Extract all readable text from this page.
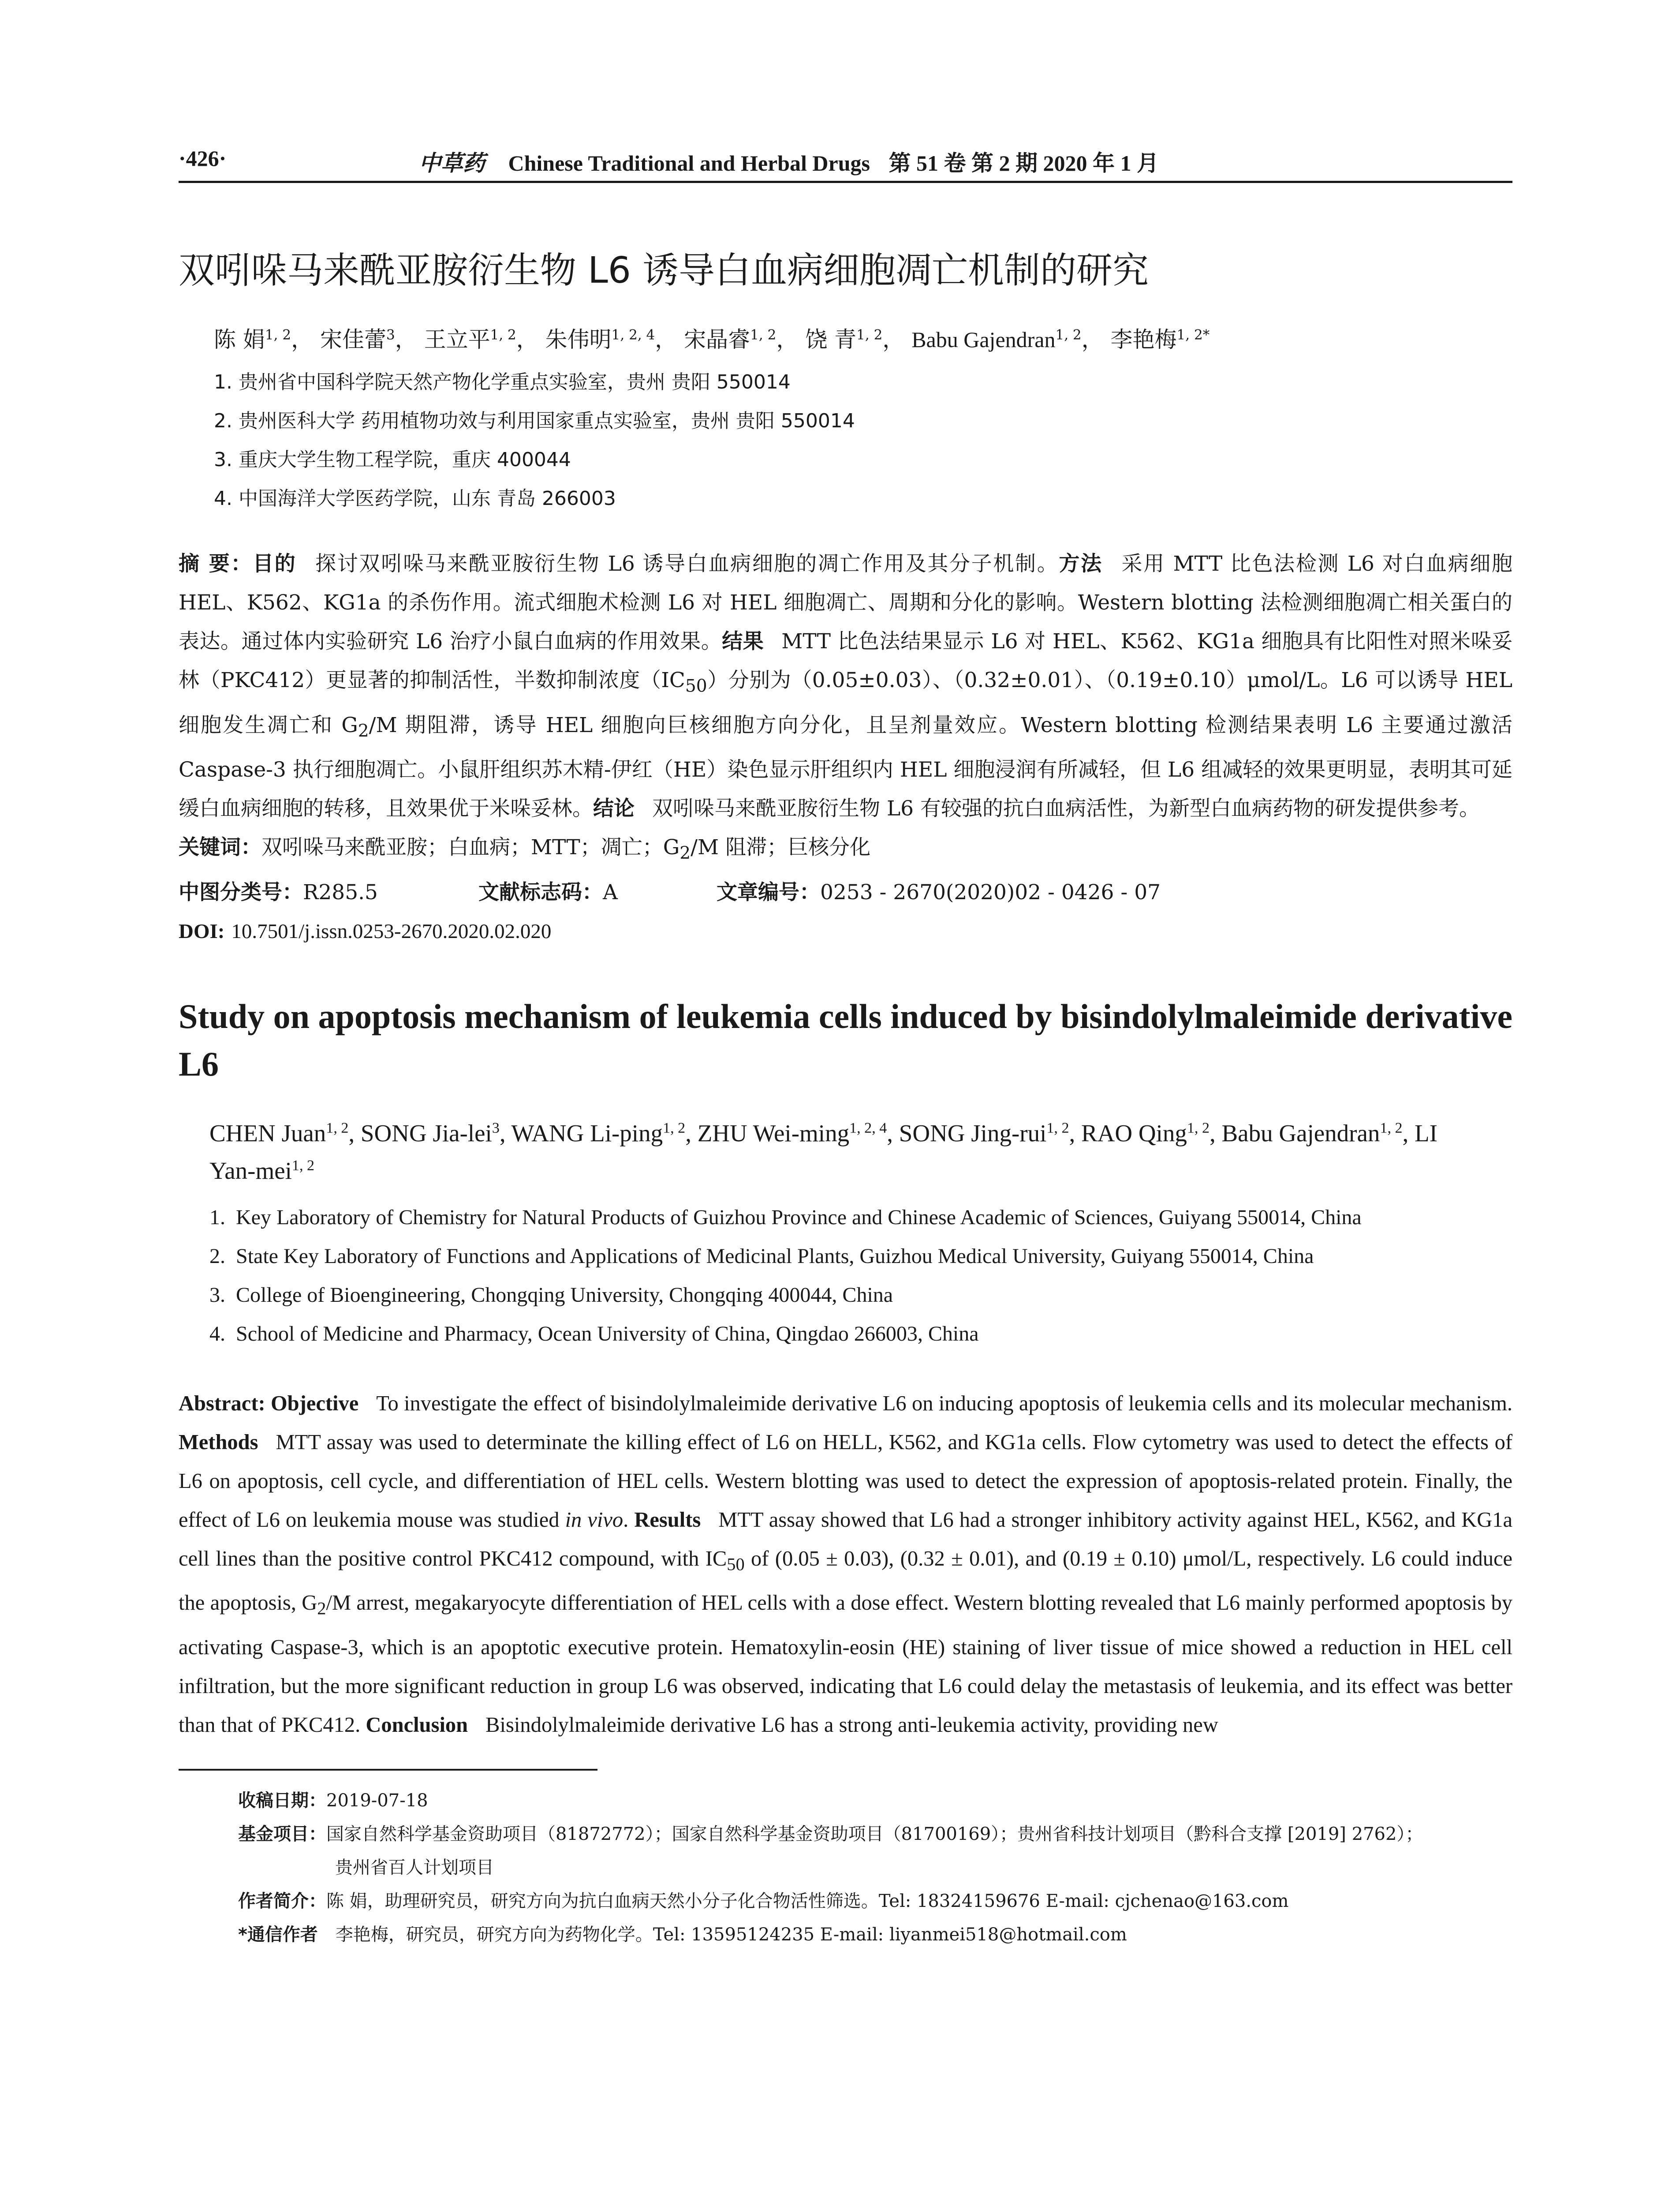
·426·	中草药 Chinese Traditional and Herbal Drugs 第 51 卷 第 2 期 2020 年 1 月
双吲哚马来酰亚胺衍生物 L6 诱导白血病细胞凋亡机制的研究
陈 娟$^{1, 2}$， 宋佳蕾$^3$， 王立平$^{1, 2}$， 朱伟明$^{1, 2, 4}$， 宋晶睿$^{1, 2}$， 饶 青$^{1, 2}$， Babu Gajendran$^{1, 2}$， 李艳梅$^{1, 2*}$
1. 贵州省中国科学院天然产物化学重点实验室，贵州 贵阳 550014
2. 贵州医科大学 药用植物功效与利用国家重点实验室，贵州 贵阳 550014
3. 重庆大学生物工程学院，重庆 400044
4. 中国海洋大学医药学院，山东 青岛 266003
摘 要：目的 探讨双吲哚马来酰亚胺衍生物 L6 诱导白血病细胞的凋亡作用及其分子机制。方法 采用 MTT 比色法检测 L6 对白血病细胞 HEL、K562、KG1a 的杀伤作用。流式细胞术检测 L6 对 HEL 细胞凋亡、周期和分化的影响。Western blotting 法检测细胞凋亡相关蛋白的表达。通过体内实验研究 L6 治疗小鼠白血病的作用效果。结果 MTT 比色法结果显示 L6 对 HEL、K562、KG1a 细胞具有比阳性对照米哚妥林（PKC412）更显著的抑制活性，半数抑制浓度$(IC_{50})$分别为（0.05±0.03）、（0.32±0.01）、（0.19±0.10）μmol/L。L6 可以诱导 HEL 细胞发生凋亡和 $G_2/M$ 期阻滞，诱导 HEL 细胞向巨核细胞方向分化，且呈剂量效应。Western blotting 检测结果表明 L6 主要通过激活 Caspase-3 执行细胞凋亡。小鼠肝组织苏木精-伊红（HE）染色显示肝组织内 HEL 细胞浸润有所减轻，但 L6 组减轻的效果更明显，表明其可延缓白血病细胞的转移，且效果优于米哚妥林。结论 双吲哚马来酰亚胺衍生物 L6 有较强的抗白血病活性，为新型白血病药物的研发提供参考。
关键词：双吲哚马来酰亚胺；白血病；MTT；凋亡；$G_2/M$ 阻滞；巨核分化
中图分类号：R285.5	文献标志码：A	文章编号：0253 - 2670(2020)02 - 0426 - 07
DOI: 10.7501/j.issn.0253-2670.2020.02.020
Study on apoptosis mechanism of leukemia cells induced by bisindolylmaleimide derivative L6
CHEN Juan$^{1, 2}$, SONG Jia-lei$^3$, WANG Li-ping$^{1, 2}$, ZHU Wei-ming$^{1, 2, 4}$, SONG Jing-rui$^{1, 2}$, RAO Qing$^{1, 2}$, Babu Gajendran$^{1, 2}$, LI Yan-mei$^{1, 2}$
1. Key Laboratory of Chemistry for Natural Products of Guizhou Province and Chinese Academic of Sciences, Guiyang 550014, China
2. State Key Laboratory of Functions and Applications of Medicinal Plants, Guizhou Medical University, Guiyang 550014, China
3. College of Bioengineering, Chongqing University, Chongqing 400044, China
4. School of Medicine and Pharmacy, Ocean University of China, Qingdao 266003, China
Abstract: Objective To investigate the effect of bisindolylmaleimide derivative L6 on inducing apoptosis of leukemia cells and its molecular mechanism. Methods MTT assay was used to determinate the killing effect of L6 on HELL, K562, and KG1a cells. Flow cytometry was used to detect the effects of L6 on apoptosis, cell cycle, and differentiation of HEL cells. Western blotting was used to detect the expression of apoptosis-related protein. Finally, the effect of L6 on leukemia mouse was studied in vivo. Results MTT assay showed that L6 had a stronger inhibitory activity against HEL, K562, and KG1a cell lines than the positive control PKC412 compound, with $IC_{50}$ of (0.05 ± 0.03), (0.32 ± 0.01), and (0.19 ± 0.10) μmol/L, respectively. L6 could induce the apoptosis, $G_2/M$ arrest, megakaryocyte differentiation of HEL cells with a dose effect. Western blotting revealed that L6 mainly performed apoptosis by activating Caspase-3, which is an apoptotic executive protein. Hematoxylin-eosin (HE) staining of liver tissue of mice showed a reduction in HEL cell infiltration, but the more significant reduction in group L6 was observed, indicating that L6 could delay the metastasis of leukemia, and its effect was better than that of PKC412. Conclusion Bisindolylmaleimide derivative L6 has a strong anti-leukemia activity, providing new
收稿日期：2019-07-18
基金项目：国家自然科学基金资助项目（81872772）；国家自然科学基金资助项目（81700169）；贵州省科技计划项目（黔科合支撑 [2019] 2762）；
贵州省百人计划项目
作者简介：陈 娟，助理研究员，研究方向为抗白血病天然小分子化合物活性筛选。Tel: 18324159676 E-mail: cjchenao@163.com
*通信作者 李艳梅，研究员，研究方向为药物化学。Tel: 13595124235 E-mail: liyanmei518@hotmail.com
